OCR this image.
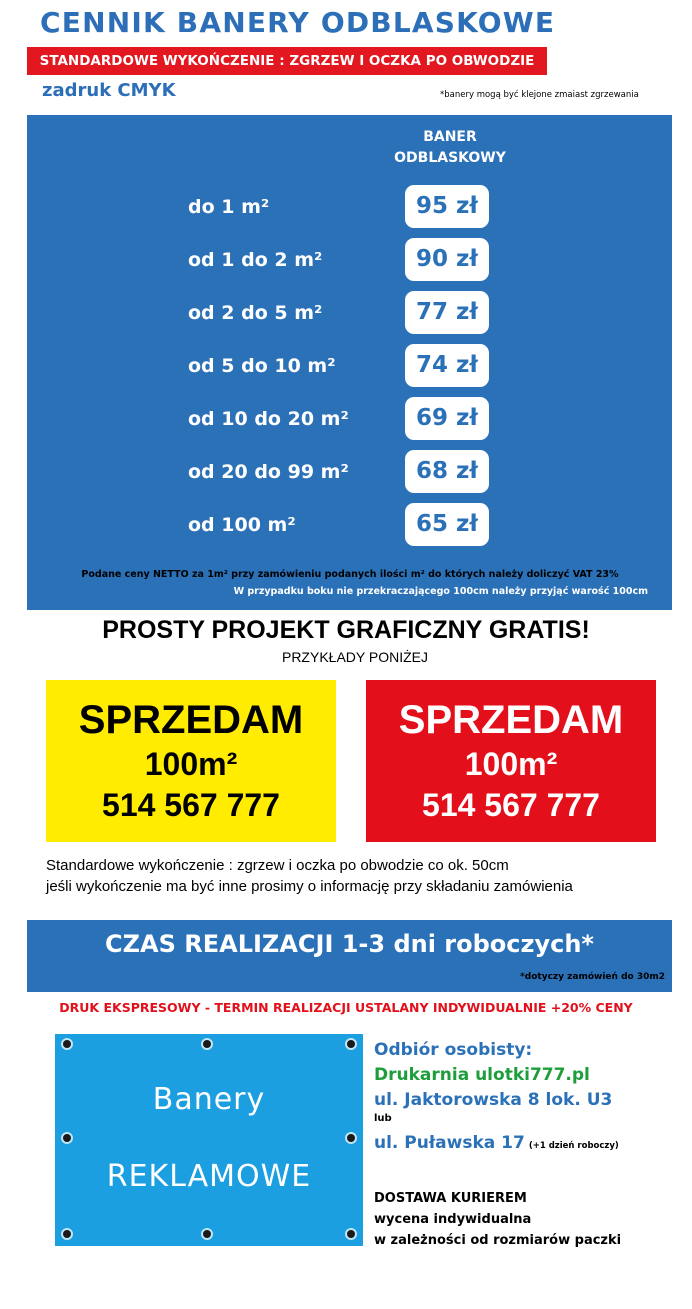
CENNIK BANERY ODBLASKOWE
STANDARDOWE WYKOŃCZENIE : ZGRZEW I OCZKA PO OBWODZIE
zadruk CMYK	*banery mogą być klejone zmaiast zgrzewania
BANER
ODBLASKOWY
do 1 m²	95 zł
od 1 do 2 m²	90 zł
od 2 do 5 m²	77 zł
od 5 do 10 m²	74 zł
od 10 do 20 m²	69 zł
od 20 do 99 m²	68 zł
od 100 m²	65 zł
Podane ceny NETTO za 1m² przy zamówieniu podanych ilości m² do których należy doliczyć VAT 23%
W przypadku boku nie przekraczającego 100cm należy przyjąć warość 100cm
PROSTY PROJEKT GRAFICZNY GRATIS!
PRZYKŁADY PONIŻEJ
SPRZEDAM
100m²
514 567 777
SPRZEDAM
100m²
514 567 777
Standardowe wykończenie : zgrzew i oczka po obwodzie co ok. 50cm
jeśli wykończenie ma być inne prosimy o informację przy składaniu zamówienia
CZAS REALIZACJI 1-3 dni roboczych*
*dotyczy zamówień do 30m2
DRUK EKSPRESOWY - TERMIN REALIZACJI USTALANY INDYWIDUALNIE +20% CENY
Banery
REKLAMOWE
Odbiór osobisty:
Drukarnia ulotki777.pl
ul. Jaktorowska 8 lok. U3
lub
ul. Puławska 17 (+1 dzień roboczy)
DOSTAWA KURIEREM
wycena indywidualna
w zależności od rozmiarów paczki
